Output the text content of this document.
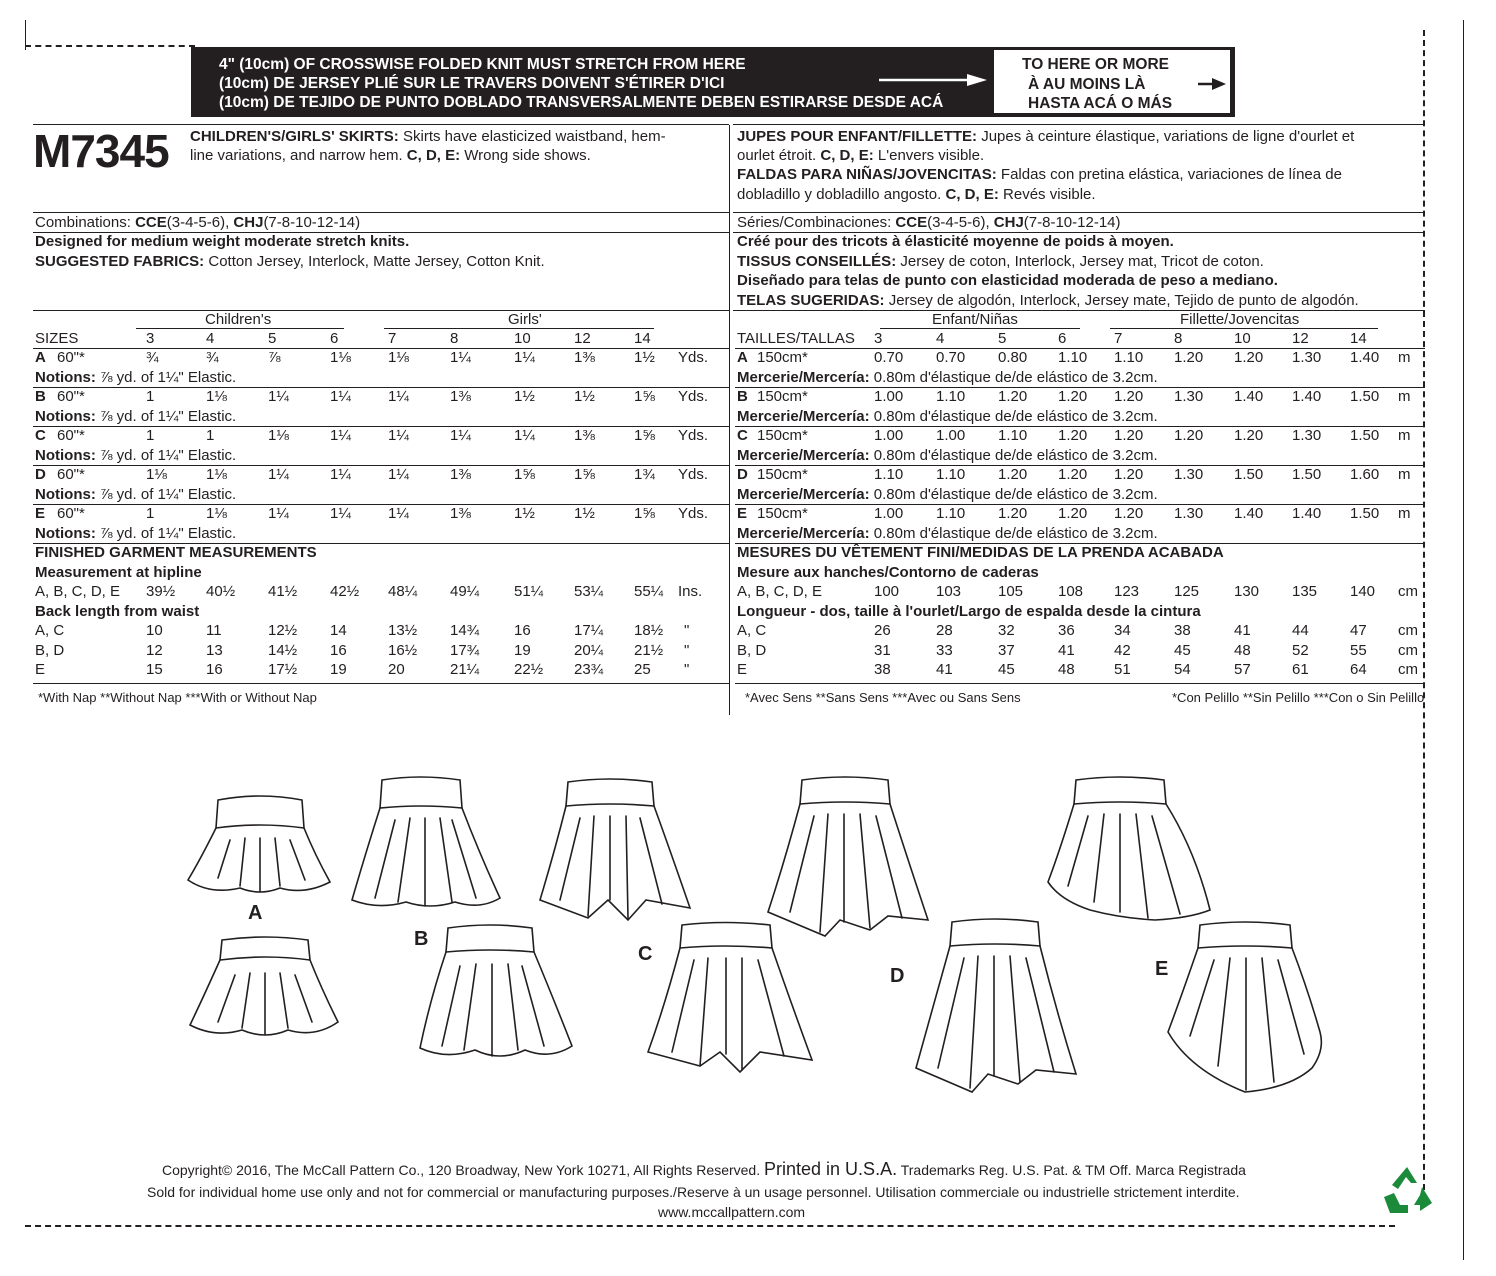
4" (10cm) OF CROSSWISE FOLDED KNIT MUST STRETCH FROM HERE
(10cm) DE JERSEY PLIÉ SUR LE TRAVERS DOIVENT S'ÉTIRER D'ICI
(10cm) DE TEJIDO DE PUNTO DOBLADO TRANSVERSALMENTE DEBEN ESTIRARSE DESDE ACÁ
TO HERE OR MORE
À AU MOINS LÀ
HASTA ACÁ O MÁS
M7345 CHILDREN'S/GIRLS' SKIRTS: Skirts have elasticized waistband, hem-
line variations, and narrow hem. C, D, E: Wrong side shows.
JUPES POUR ENFANT/FILLETTE: Jupes à ceinture élastique, variations de ligne d'ourlet et
ourlet étroit. C, D, E: L'envers visible.
FALDAS PARA NIÑAS/JOVENCITAS: Faldas con pretina elástica, variaciones de línea de
dobladillo y dobladillo angosto. C, D, E: Revés visible.
Combinations: CCE(3-4-5-6), CHJ(7-8-10-12-14)	Séries/Combinaciones: CCE(3-4-5-6), CHJ(7-8-10-12-14)
Designed for medium weight moderate stretch knits.
SUGGESTED FABRICS: Cotton Jersey, Interlock, Matte Jersey, Cotton Knit.
Créé pour des tricots à élasticité moyenne de poids à moyen.
TISSUS CONSEILLÉS: Jersey de coton, Interlock, Jersey mat, Tricot de coton.
Diseñado para telas de punto con elasticidad moderada de peso a mediano.
TELAS SUGERIDAS: Jersey de algodón, Interlock, Jersey mate, Tejido de punto de algodón.
Children's	Girls'
SIZES	3	4	5	6	7	8	10	12	14
A 60"*	¾	¾	⅞	1⅛ 1⅛	1¼	1¼	1⅜	1½ Yds.
Notions: ⅞ yd. of 1¼" Elastic.
B 60"*	1	1⅛	1¼	1¼ 1¼	1⅜	1½	1½	1⅝ Yds.
Notions: ⅞ yd. of 1¼" Elastic.
C 60"*	1	1	1⅛	1¼ 1¼	1¼	1¼	1⅜	1⅝ Yds.
Notions: ⅞ yd. of 1¼" Elastic.
D 60"*	1⅛	1⅛	1¼	1¼ 1¼	1⅜	1⅝	1⅝	1¾ Yds.
Notions: ⅞ yd. of 1¼" Elastic.
E 60"*	1	1⅛	1¼	1¼ 1¼	1⅜	1½	1½	1⅝ Yds.
Notions: ⅞ yd. of 1¼" Elastic.
FINISHED GARMENT MEASUREMENTS
Measurement at hipline
A, B, C, D, E 39½ 40½ 41½ 42½ 48¼ 49¼ 51¼ 53¼ 55¼ Ins.
Back length from waist
A, C	10	11	12½ 14	13½ 14¾ 16	17¼ 18½ "
B, D	12	13	14½ 16	16½ 17¾ 19	20¼ 21½ "
E	15	16	17½ 19	20	21¼ 22½ 23¾ 25 "
*With Nap **Without Nap ***With or Without Nap
Enfant/Niñas	Fillette/Jovencitas
TAILLES/TALLAS 3	4	5	6	7	8	10	12	14
A 150cm*	0.70 0.70 0.80 1.10 1.10 1.20 1.20 1.30 1.40 m
Mercerie/Mercería: 0.80m d'élastique de/de elástico de 3.2cm.
B 150cm*	1.00 1.10 1.20 1.20 1.20 1.30 1.40 1.40 1.50 m
Mercerie/Mercería: 0.80m d'élastique de/de elástico de 3.2cm.
C 150cm*	1.00 1.00 1.10 1.20 1.20 1.20 1.20 1.30 1.50 m
Mercerie/Mercería: 0.80m d'élastique de/de elástico de 3.2cm.
D 150cm*	1.10 1.10 1.20 1.20 1.20 1.30 1.50 1.50 1.60 m
Mercerie/Mercería: 0.80m d'élastique de/de elástico de 3.2cm.
E 150cm*	1.00 1.10 1.20 1.20 1.20 1.30 1.40 1.40 1.50 m
Mercerie/Mercería: 0.80m d'élastique de/de elástico de 3.2cm.
MESURES DU VÊTEMENT FINI/MEDIDAS DE LA PRENDA ACABADA
Mesure aux hanches/Contorno de caderas
A, B, C, D, E	100 103 105 108 123 125 130 135 140 cm
Longueur - dos, taille à l'ourlet/Largo de espalda desde la cintura
A, C	26	28	32	36	34	38	41	44	47 cm
B, D	31	33	37	41	42	45	48	52	55 cm
E	38	41	45	48	51	54	57	61	64 cm
*Avec Sens **Sans Sens ***Avec ou Sans Sens	*Con Pelillo **Sin Pelillo ***Con o Sin Pelillo
A
B
C
D	E
Copyright© 2016, The McCall Pattern Co., 120 Broadway, New York 10271, All Rights Reserved. Printed in U.S.A. Trademarks Reg. U.S. Pat. & TM Off. Marca Registrada
Sold for individual home use only and not for commercial or manufacturing purposes./Reserve à un usage personnel. Utilisation commerciale ou industrielle strictement interdite.
www.mccallpattern.com
